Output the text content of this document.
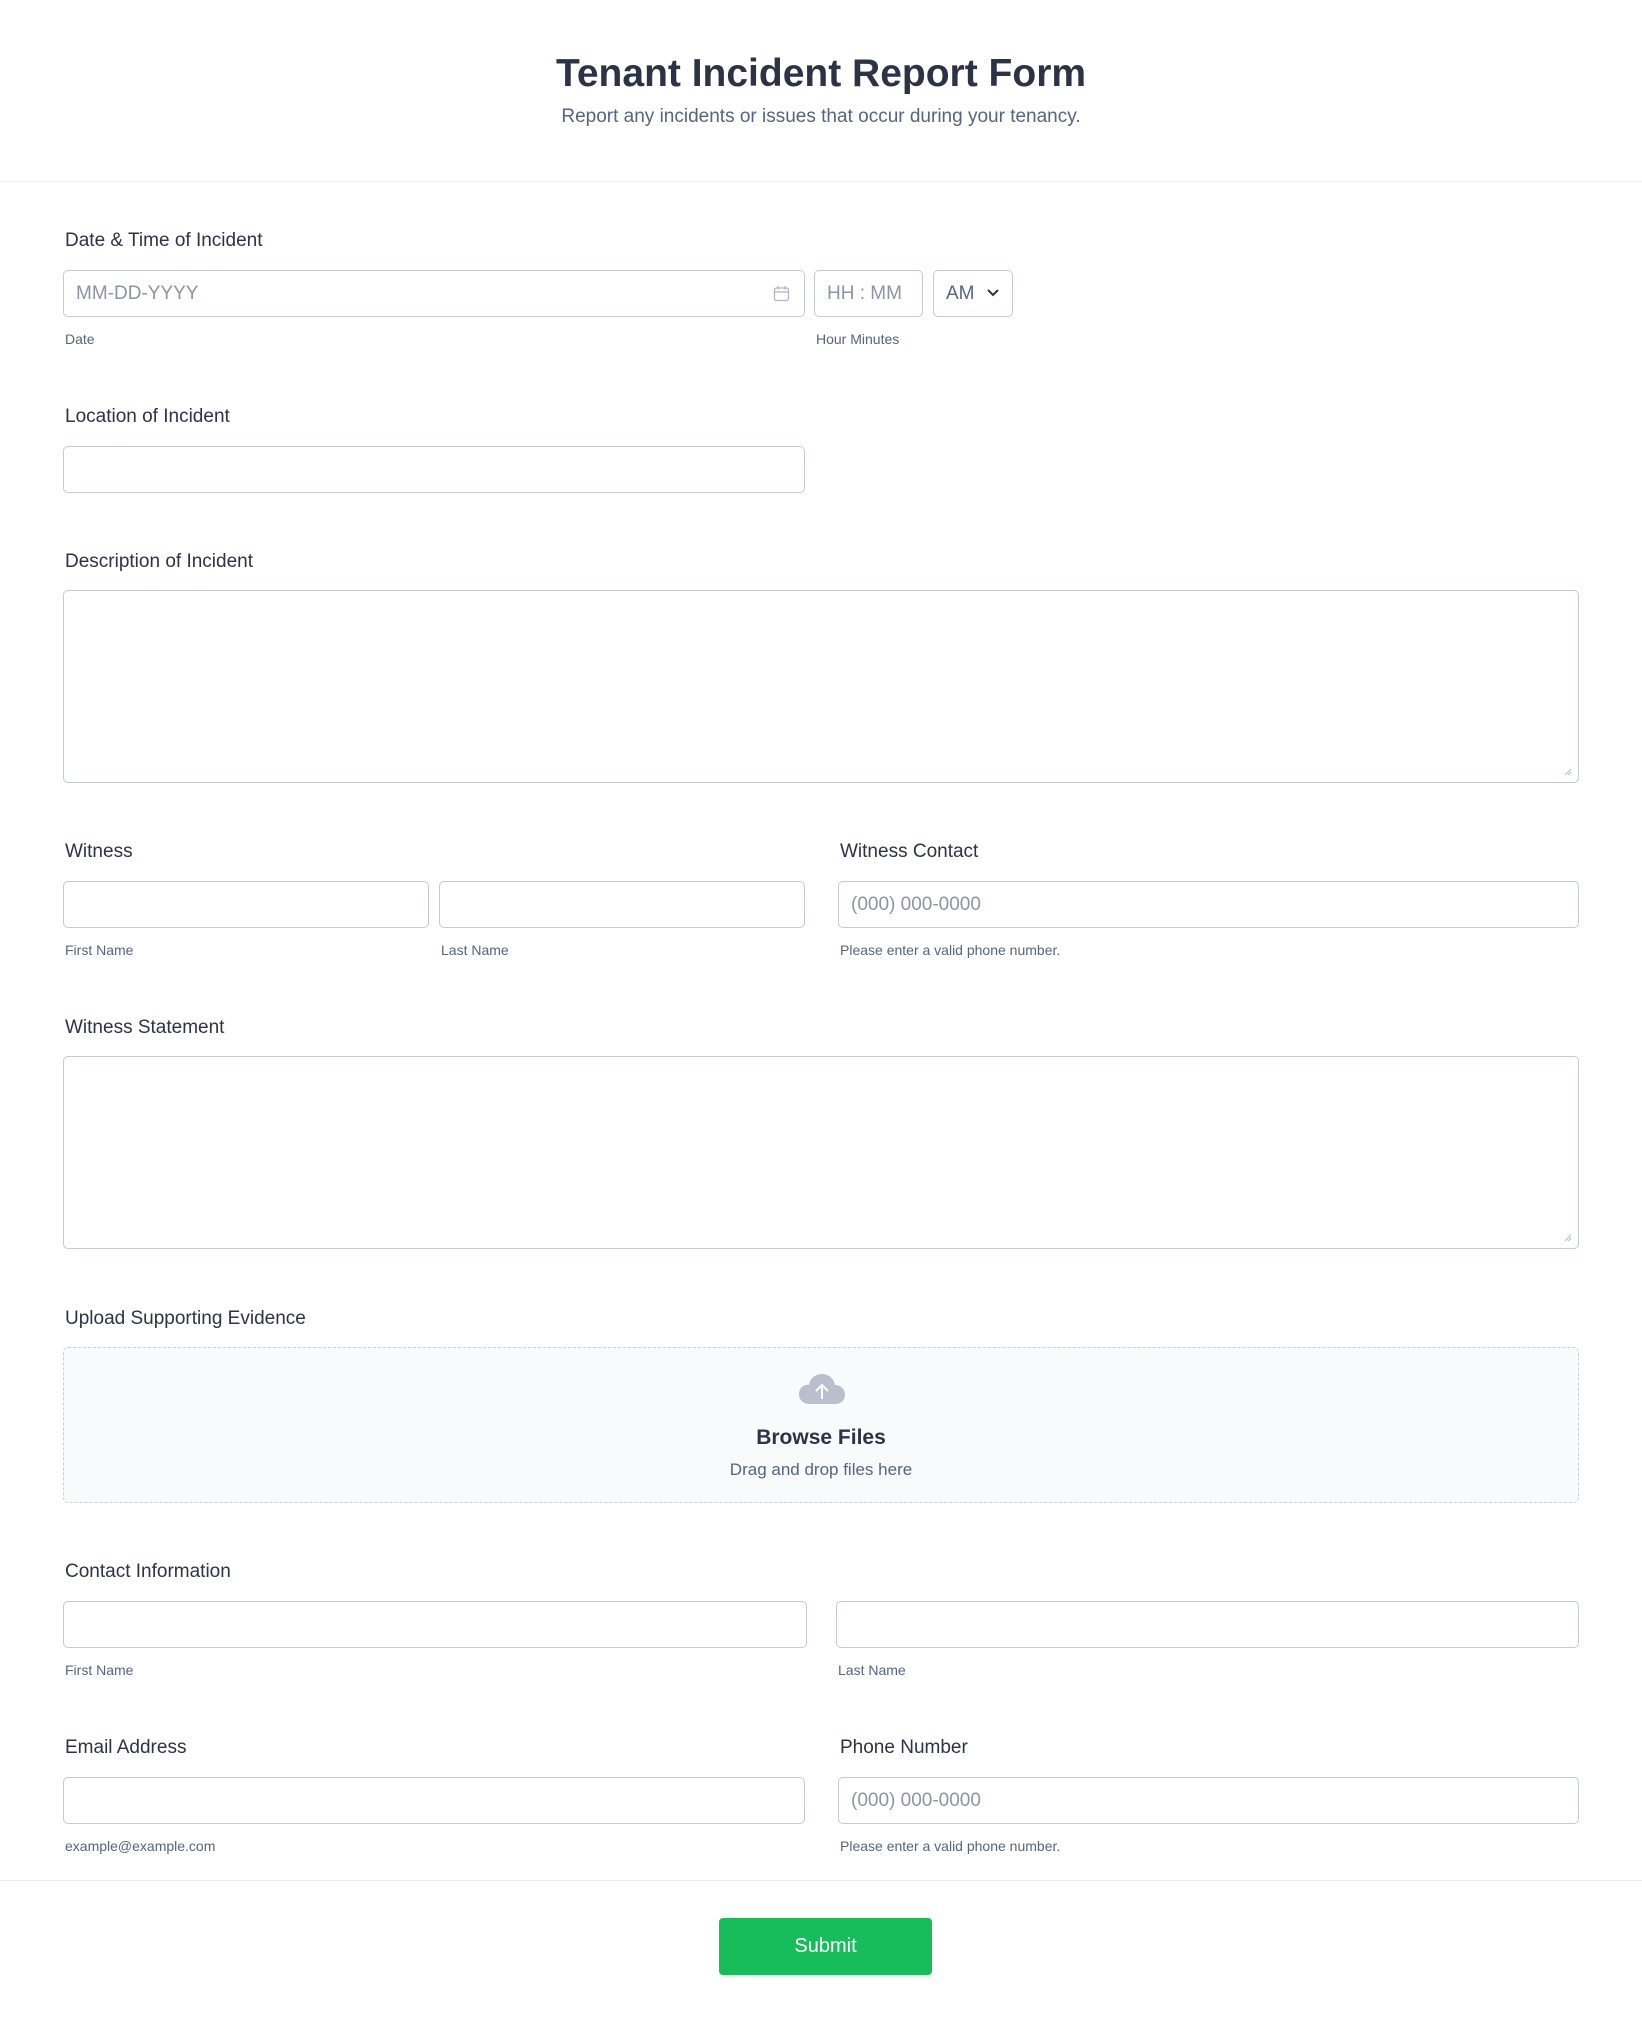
Tenant Incident Report Form
Report any incidents or issues that occur during your tenancy.
Date & Time of Incident
MM-DD-YYYY
Date
HH : MM
Hour Minutes
AM
Location of Incident
Description of Incident
Witness
First Name	Last Name
Witness Contact
(000) 000-0000
Please enter a valid phone number.
Witness Statement
Upload Supporting Evidence
Browse Files
Drag and drop files here
Contact Information
First Name	Last Name
Email Address
example@example.com
Phone Number
(000) 000-0000
Please enter a valid phone number.
Submit
